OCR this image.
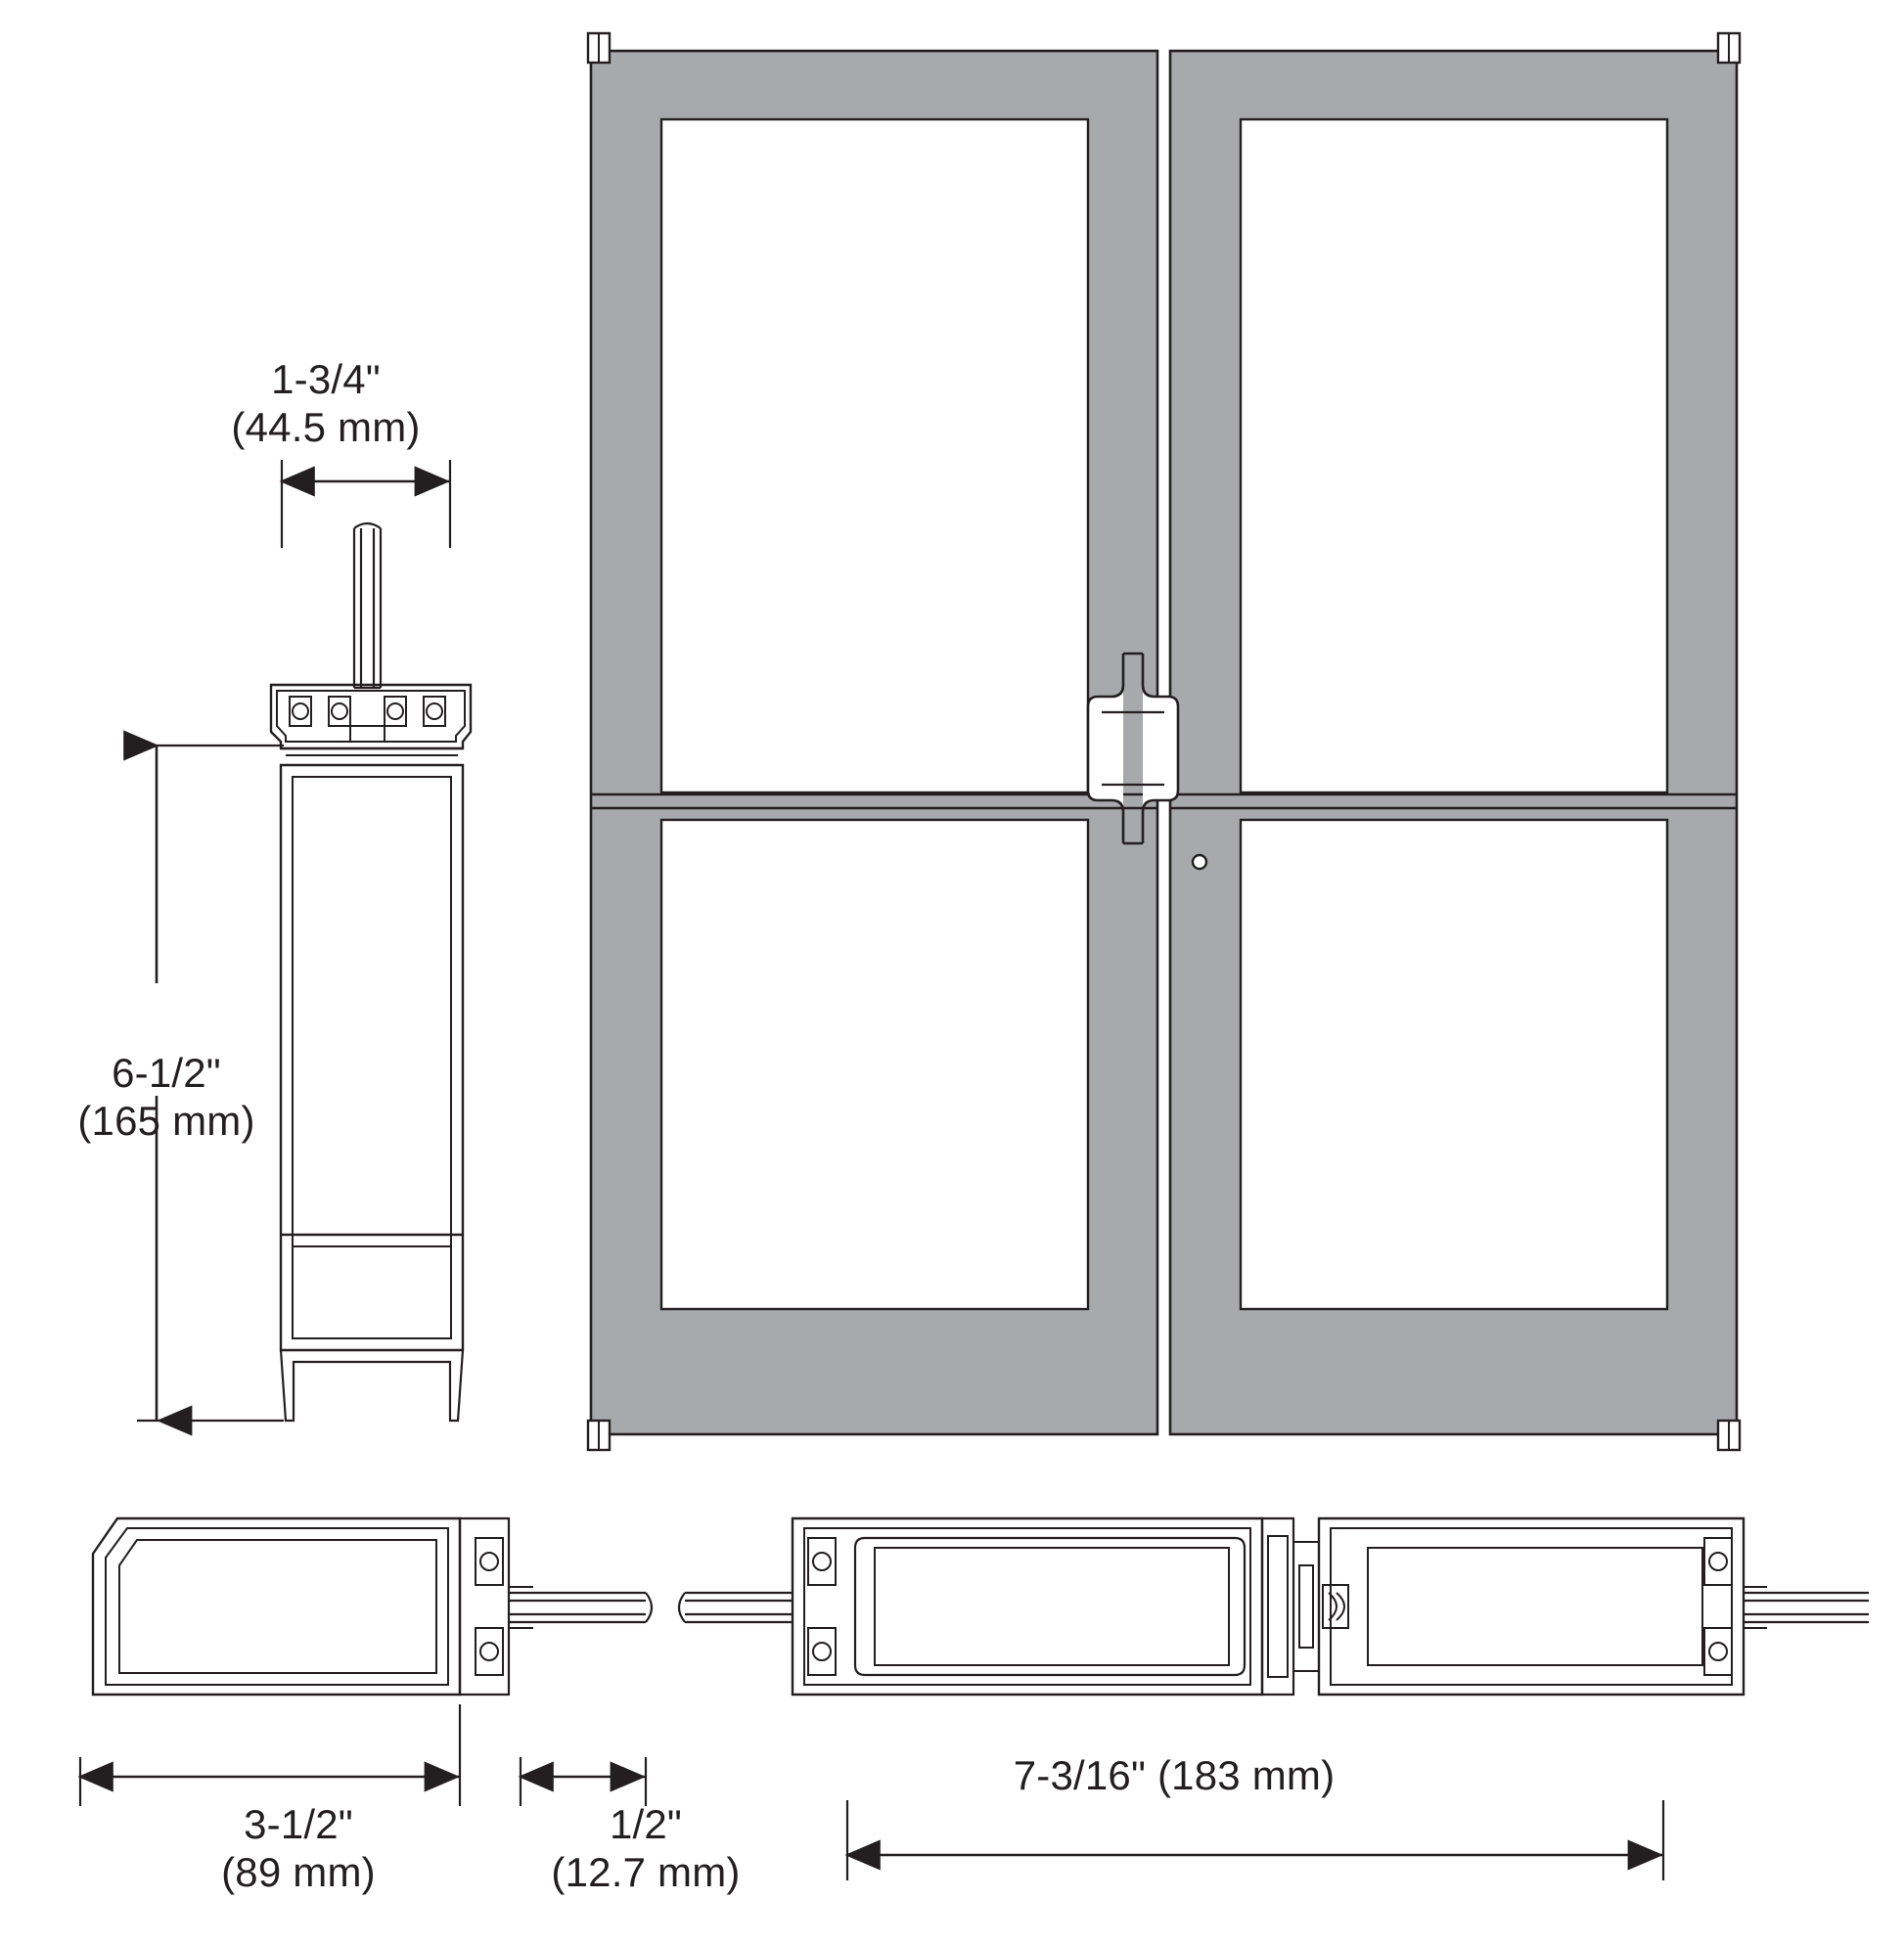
1-3/4"

(44.5 mm)

6-1/2"

(165 mm)

3-1/2"

(89 mm)

1/2"

(12.7 mm)

7-3/16" (183 mm)
